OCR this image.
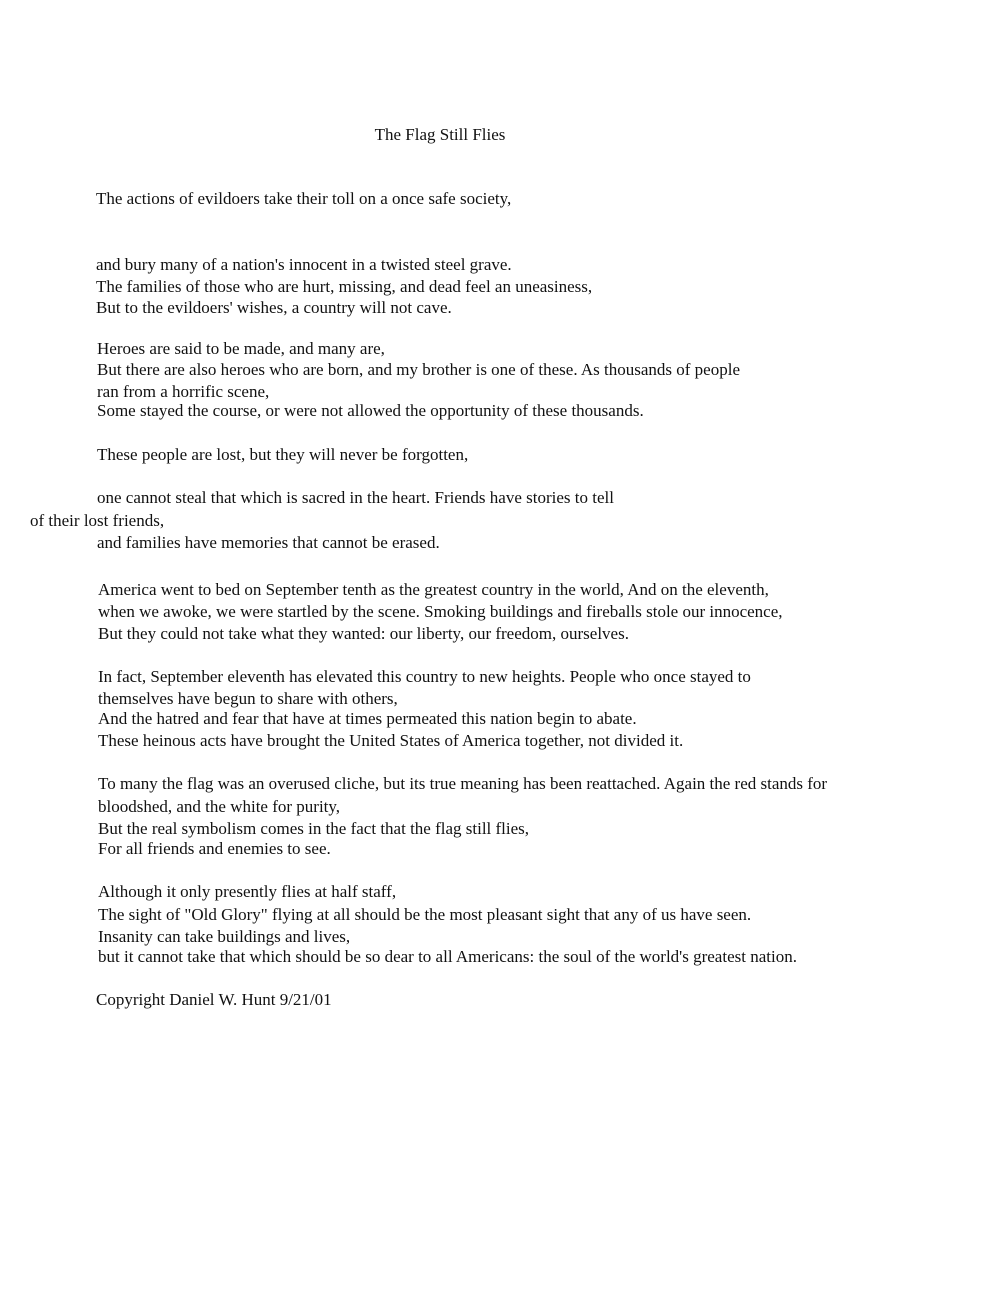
The Flag Still Flies
The actions of evildoers take their toll on a once safe society,
and bury many of a nation's innocent in a twisted steel grave.
The families of those who are hurt, missing, and dead feel an uneasiness,
But to the evildoers' wishes, a country will not cave.
Heroes are said to be made, and many are,
But there are also heroes who are born, and my brother is one of these. As thousands of people
ran from a horrific scene,
Some stayed the course, or were not allowed the opportunity of these thousands.
These people are lost, but they will never be forgotten,
one cannot steal that which is sacred in the heart. Friends have stories to tell
of their lost friends,
and families have memories that cannot be erased.
America went to bed on September tenth as the greatest country in the world, And on the eleventh,
when we awoke, we were startled by the scene. Smoking buildings and fireballs stole our innocence,
But they could not take what they wanted: our liberty, our freedom, ourselves.
In fact, September eleventh has elevated this country to new heights. People who once stayed to
themselves have begun to share with others,
And the hatred and fear that have at times permeated this nation begin to abate.
These heinous acts have brought the United States of America together, not divided it.
To many the flag was an overused cliche, but its true meaning has been reattached. Again the red stands for
bloodshed, and the white for purity,
But the real symbolism comes in the fact that the flag still flies,
For all friends and enemies to see.
Although it only presently flies at half staff,
The sight of "Old Glory" flying at all should be the most pleasant sight that any of us have seen.
Insanity can take buildings and lives,
but it cannot take that which should be so dear to all Americans: the soul of the world's greatest nation.
Copyright Daniel W. Hunt 9/21/01
